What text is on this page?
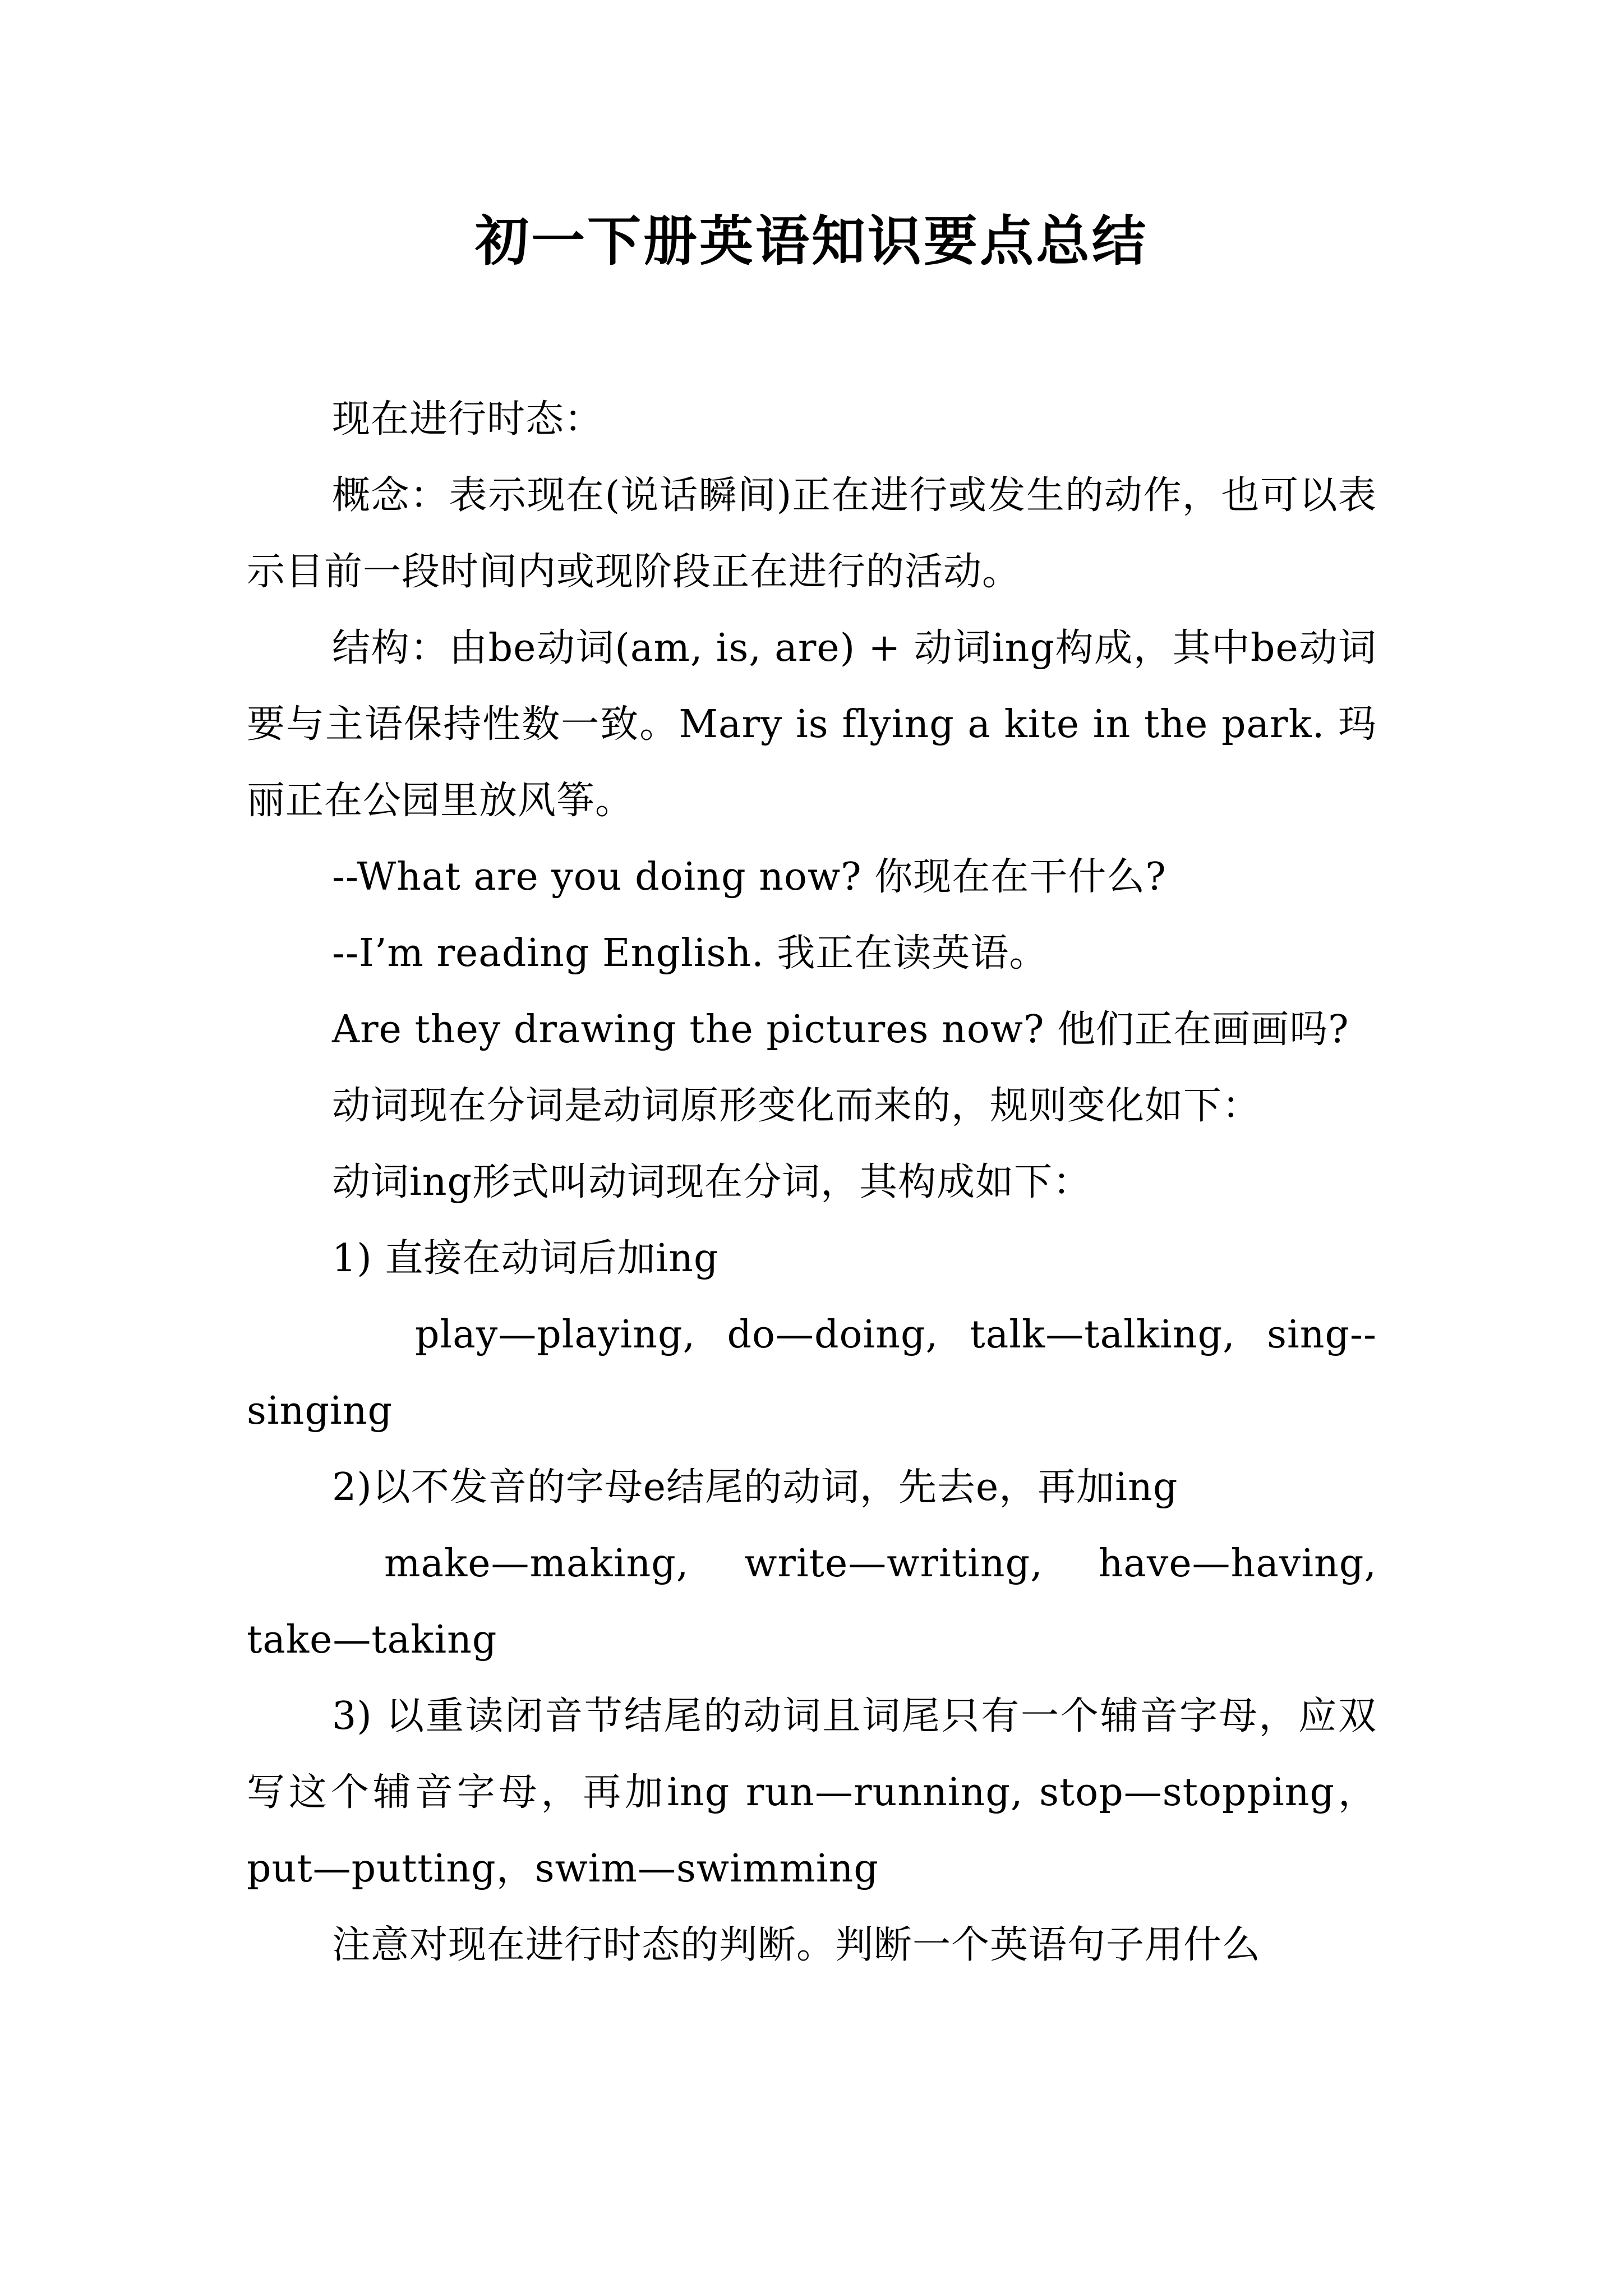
初一下册英语知识要点总结

现在进行时态：

概念：表示现在(说话瞬间)正在进行或发生的动作，也可以表示目前一段时间内或现阶段正在进行的活动。

结构：由be动词(am, is, are) + 动词ing构成，其中be动词要与主语保持性数一致。Mary is flying a kite in the park. 玛丽正在公园里放风筝。

--What are you doing now? 你现在在干什么?

--I’m reading English. 我正在读英语。

Are they drawing the pictures now? 他们正在画画吗?

动词现在分词是动词原形变化而来的，规则变化如下：

动词ing形式叫动词现在分词，其构成如下：

1) 直接在动词后加ing

play—playing, do—doing, talk—talking, sing--singing

2)以不发音的字母e结尾的动词，先去e，再加ing

make—making, write—writing, have—having, take—taking

3) 以重读闭音节结尾的动词且词尾只有一个辅音字母，应双写这个辅音字母，再加ing run—running, stop—stopping，put—putting，swim—swimming

注意对现在进行时态的判断。判断一个英语句子用什么
